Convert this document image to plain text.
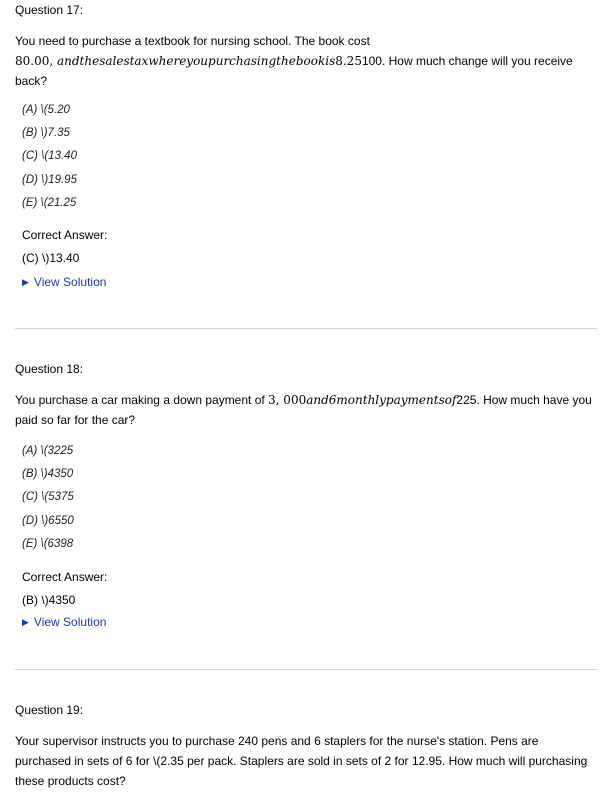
Question 17:
You need to purchase a textbook for nursing school. The book cost
80.00, andthesalestaxwhereyoupurchasingthebookis8.25100. How much change will you receive
back?
(A) \(5.20
(B) \)7.35
(C) \(13.40
(D) \)19.95
(E) \(21.25
Correct Answer:
(C) \)13.40
▶ View Solution
Question 18:
You purchase a car making a down payment of 3, 000and6monthlypaymentsof225. How much have you
paid so far for the car?
(A) \(3225
(B) \)4350
(C) \(5375
(D) \)6550
(E) \(6398
Correct Answer:
(B) \)4350
▶ View Solution
Question 19:
Your supervisor instructs you to purchase 240 pens and 6 staplers for the nurse's station. Pens are
purchased in sets of 6 for \(2.35 per pack. Staplers are sold in sets of 2 for 12.95. How much will purchasing
these products cost?
